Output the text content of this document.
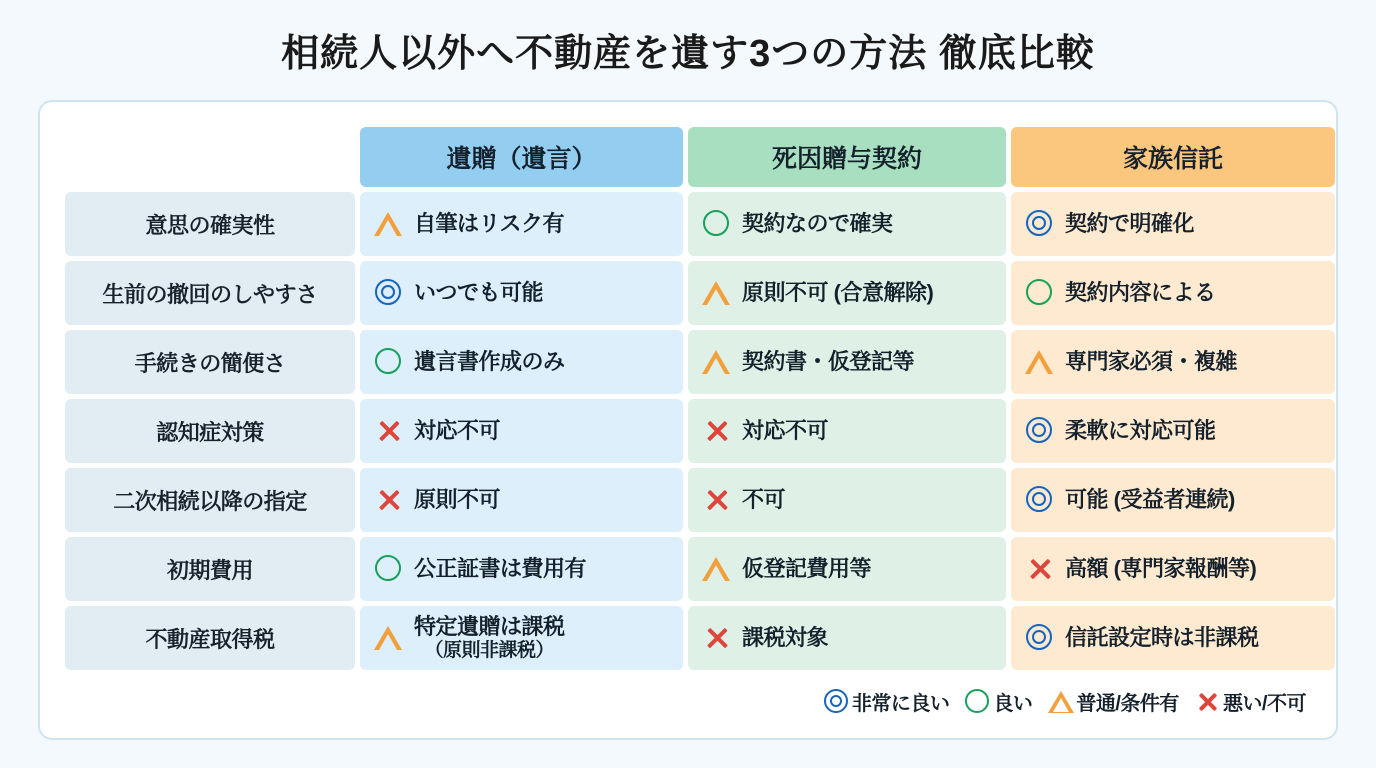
相続人以外へ不動産を遺す3つの方法 徹底比較
	遺贈（遺言）	死因贈与契約	家族信託
意思の確実性	自筆はリスク有	契約なので確実	契約で明確化

生前の撤回のしやすさ	いつでも可能	原則不可 (合意解除)	契約内容による

手続きの簡便さ	遺言書作成のみ	契約書・仮登記等	専門家必須・複雑

認知症対策	対応不可	対応不可	柔軟に対応可能

二次相続以降の指定	原則不可	不可	可能 (受益者連続)

初期費用	公正証書は費用有	仮登記費用等	高額 (専門家報酬等)

不動産取得税	特定遺贈は課税
（原則非課税）	課税対象	信託設定時は非課税
非常に良い 良い 普通/条件有 悪い/不可
